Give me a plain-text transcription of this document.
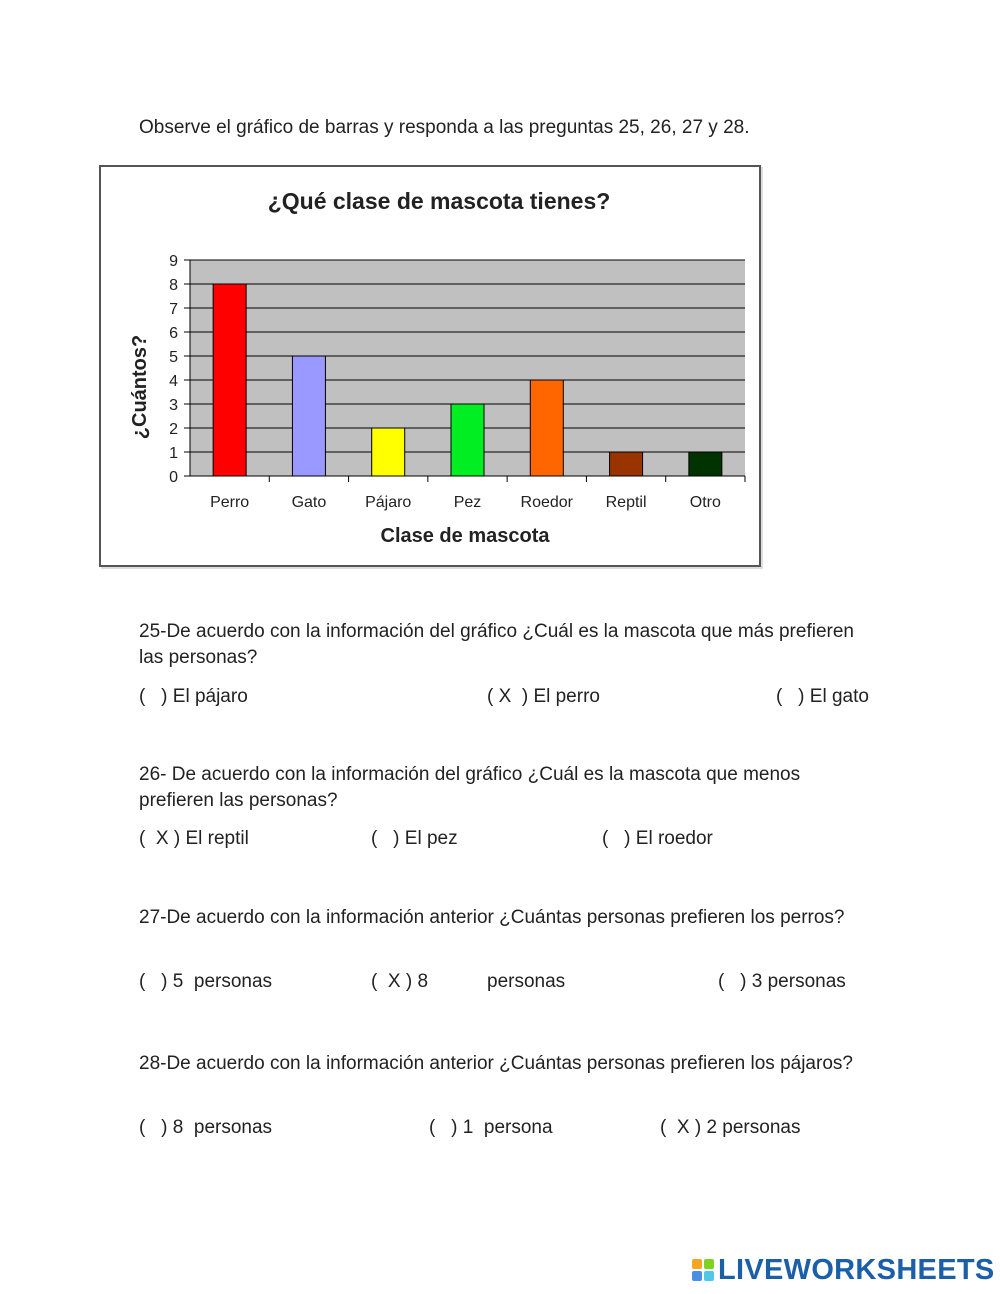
Observe el gráfico de barras y responda a las preguntas 25, 26, 27 y 28.
¿Qué clase de mascota tienes?
Clase de mascota
¿Cuántos?
0
1
2
3
4
5
6
7
8
9
Perro	Gato Pájaro	Pez Roedor Reptil	Otro
25-De acuerdo con la información del gráfico ¿Cuál es la mascota que más prefieren las personas?
(   ) El pájaro	( X  ) El perro	(   ) El gato
26- De acuerdo con la información del gráfico ¿Cuál es la mascota que menos prefieren las personas?
(  X ) El reptil	(   ) El pez	(   ) El roedor
27-De acuerdo con la información anterior ¿Cuántas personas prefieren los perros?
(   ) 5  personas	(  X ) 8	personas	(   ) 3 personas
28-De acuerdo con la información anterior ¿Cuántas personas prefieren los pájaros?
(   ) 8  personas	(   ) 1  persona	(  X ) 2 personas
LIVEWORKSHEETS
